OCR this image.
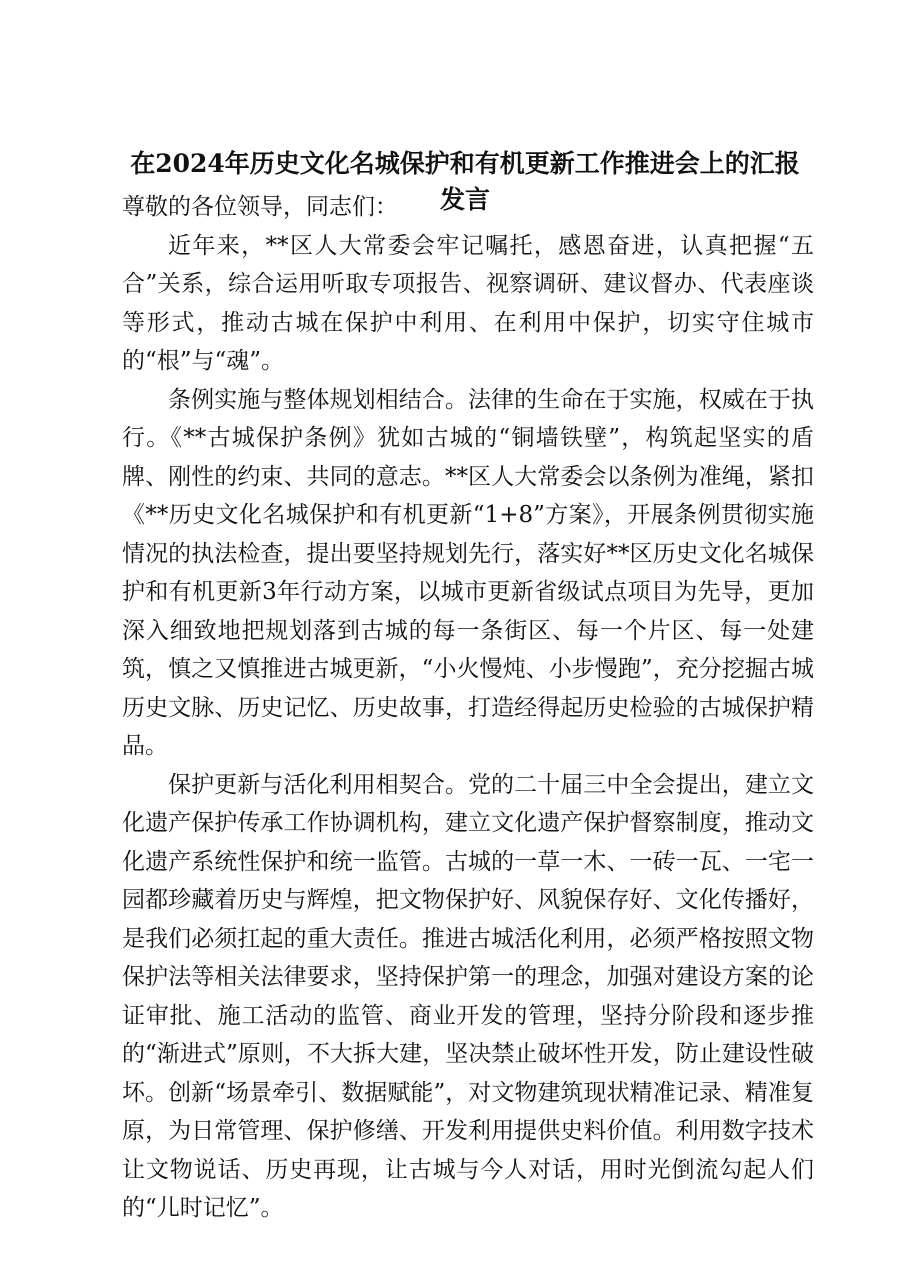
在2024年历史文化名城保护和有机更新工作推进会上的汇报发言

尊敬的各位领导，同志们：

近年来，**区人大常委会牢记嘱托，感恩奋进，认真把握“五合”关系，综合运用听取专项报告、视察调研、建议督办、代表座谈等形式，推动古城在保护中利用、在利用中保护，切实守住城市的“根”与“魂”。

条例实施与整体规划相结合。法律的生命在于实施，权威在于执行。《**古城保护条例》犹如古城的“铜墙铁壁”，构筑起坚实的盾牌、刚性的约束、共同的意志。**区人大常委会以条例为准绳，紧扣《**历史文化名城保护和有机更新“1+8”方案》，开展条例贯彻实施情况的执法检查，提出要坚持规划先行，落实好**区历史文化名城保护和有机更新3年行动方案，以城市更新省级试点项目为先导，更加深入细致地把规划落到古城的每一条街区、每一个片区、每一处建筑，慎之又慎推进古城更新，“小火慢炖、小步慢跑”，充分挖掘古城历史文脉、历史记忆、历史故事，打造经得起历史检验的古城保护精品。

保护更新与活化利用相契合。党的二十届三中全会提出，建立文化遗产保护传承工作协调机构，建立文化遗产保护督察制度，推动文化遗产系统性保护和统一监管。古城的一草一木、一砖一瓦、一宅一园都珍藏着历史与辉煌，把文物保护好、风貌保存好、文化传播好，是我们必须扛起的重大责任。推进古城活化利用，必须严格按照文物保护法等相关法律要求，坚持保护第一的理念，加强对建设方案的论证审批、施工活动的监管、商业开发的管理，坚持分阶段和逐步推的“渐进式”原则，不大拆大建，坚决禁止破坏性开发，防止建设性破坏。创新“场景牵引、数据赋能”，对文物建筑现状精准记录、精准复原，为日常管理、保护修缮、开发利用提供史料价值。利用数字技术让文物说话、历史再现，让古城与今人对话，用时光倒流勾起人们的“儿时记忆”。
